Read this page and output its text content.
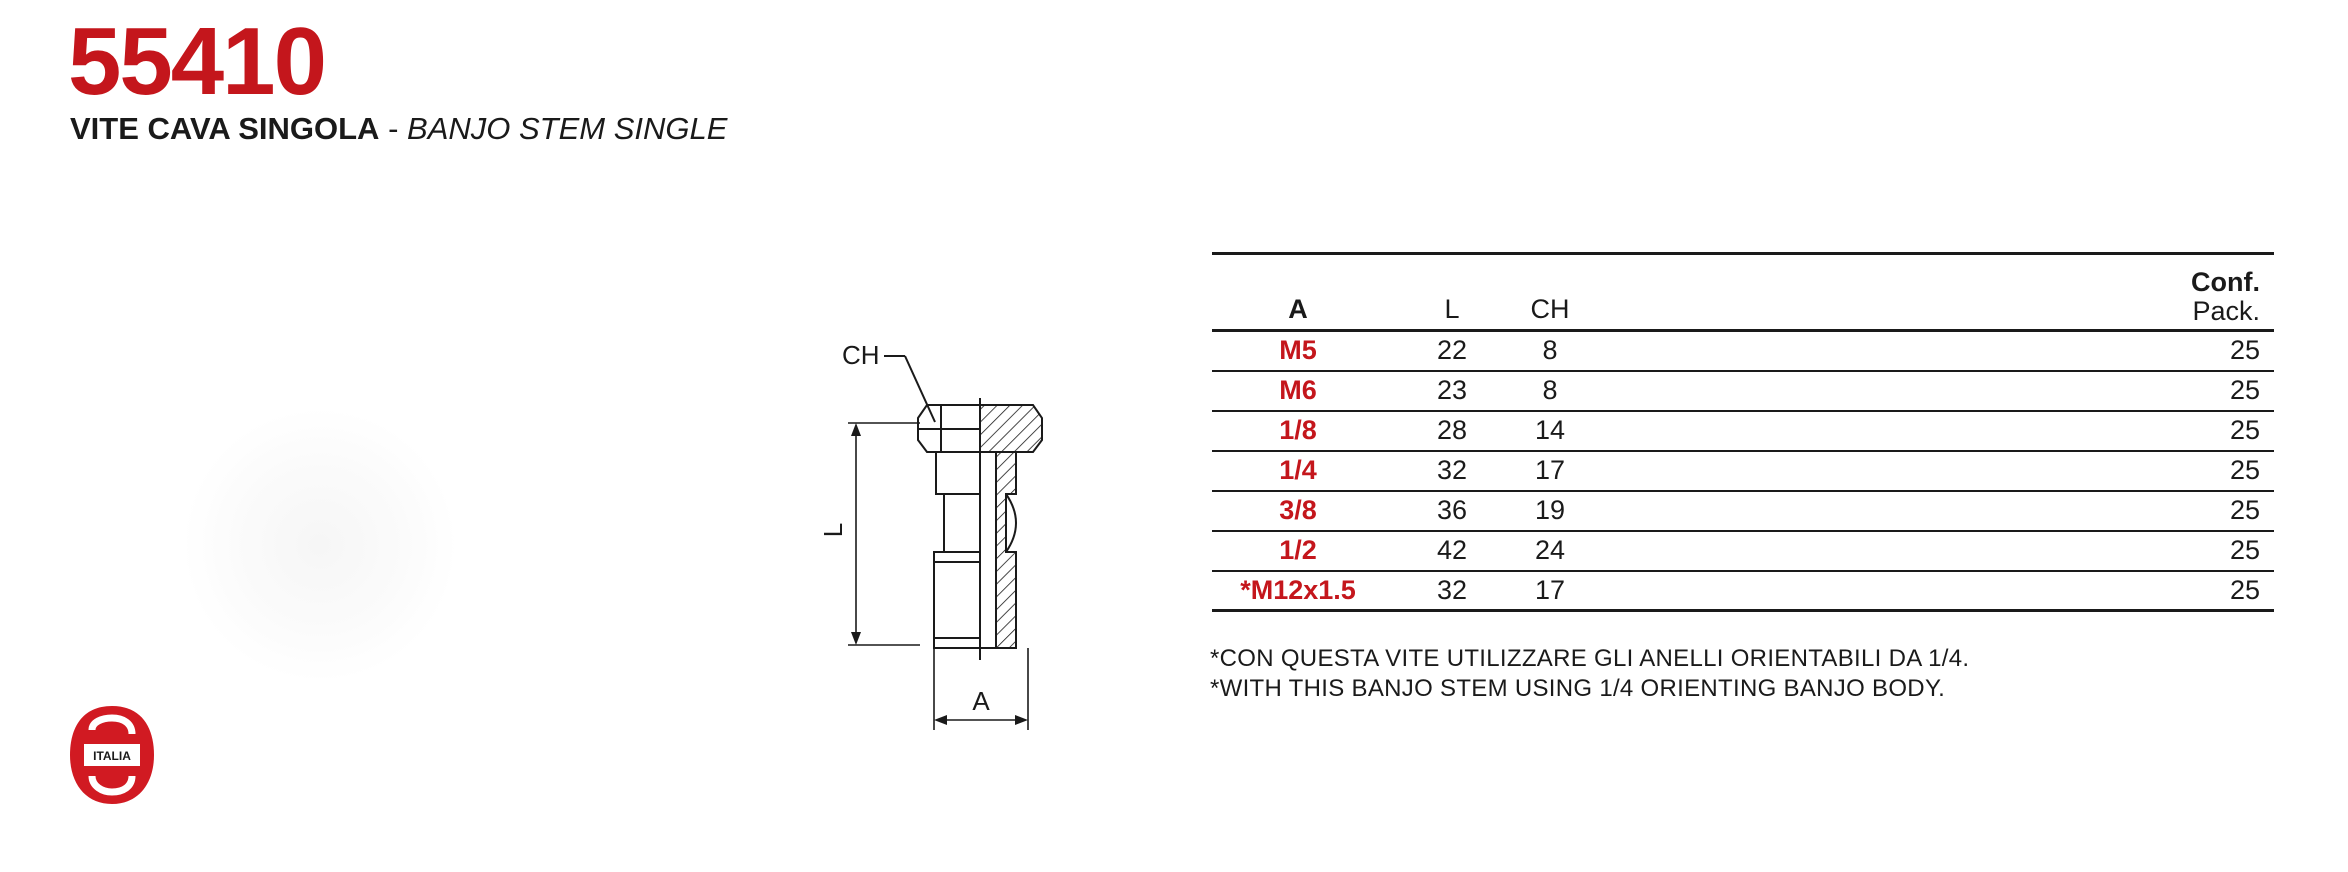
55410
VITE CAVA SINGOLA - BANJO STEM SINGLE
CH
L
A
A	L	CH	Conf.
Pack.
M5	22	8	25
M6	23	8	25
1/8	28	14	25
1/4	32	17	25
3/8	36	19	25
1/2	42	24	25
*M12x1.5	32	17	25
*CON QUESTA VITE UTILIZZARE GLI ANELLI ORIENTABILI DA 1/4.
*WITH THIS BANJO STEM USING 1/4 ORIENTING BANJO BODY.
ITALIA
